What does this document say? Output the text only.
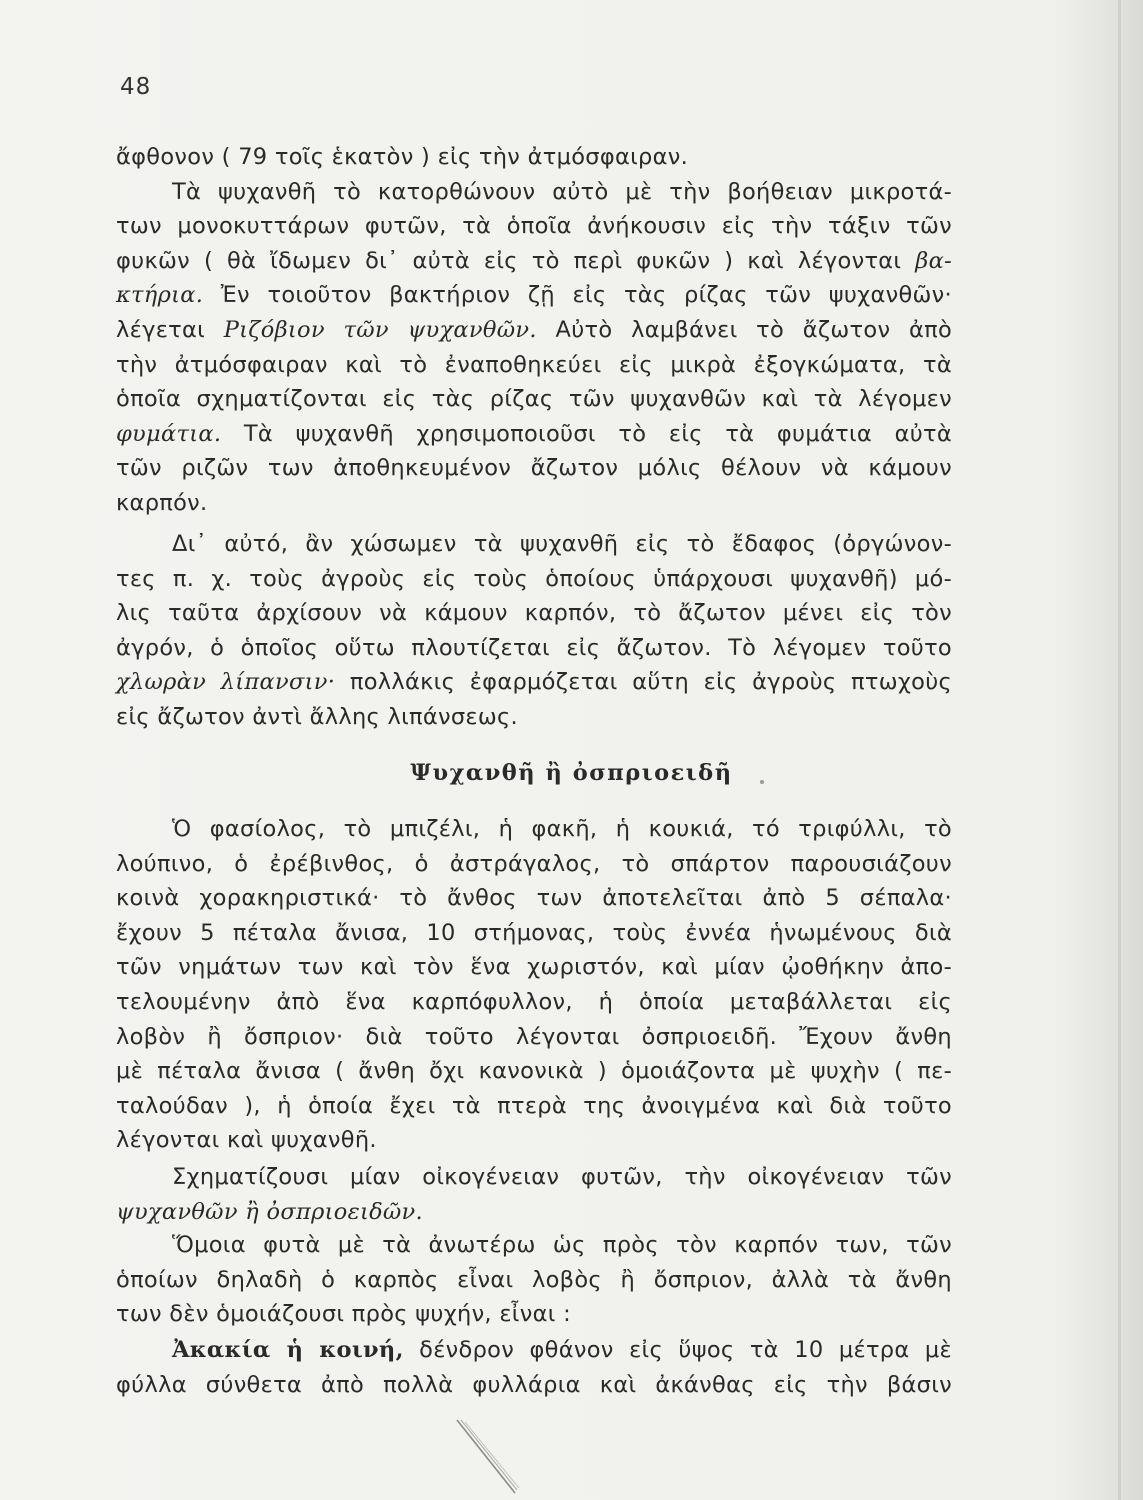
48
ἄφθονον ( 79 τοῖς ἑκατὸν ) εἰς τὴν ἀτμόσφαιραν.
Τὰ ψυχανθῆ τὸ κατορθώνουν αὐτὸ μὲ τὴν βοήθειαν μικροτά-
των μονοκυττάρων φυτῶν, τὰ ὁποῖα ἀνήκουσιν εἰς τὴν τάξιν τῶν
φυκῶν ( θὰ ἴδωμεν δι᾽ αὐτὰ εἰς τὸ περὶ φυκῶν ) καὶ λέγονται βα-
κτήρια. Ἐν τοιοῦτον βακτήριον ζῇ εἰς τὰς ρίζας τῶν ψυχανθῶν·
λέγεται Ριζόβιον τῶν ψυχανθῶν. Αὐτὸ λαμβάνει τὸ ἄζωτον ἀπὸ
τὴν ἀτμόσφαιραν καὶ τὸ ἐναποθηκεύει εἰς μικρὰ ἐξογκώματα, τὰ
ὁποῖα σχηματίζονται εἰς τὰς ρίζας τῶν ψυχανθῶν καὶ τὰ λέγομεν
φυμάτια. Τὰ ψυχανθῆ χρησιμοποιοῦσι τὸ εἰς τὰ φυμάτια αὐτὰ
τῶν ριζῶν των ἀποθηκευμένον ἄζωτον μόλις θέλουν νὰ κάμουν
καρπόν.
Δι᾽ αὐτό, ἂν χώσωμεν τὰ ψυχανθῆ εἰς τὸ ἔδαφος (ὀργώνον-
τες π. χ. τοὺς ἀγροὺς εἰς τοὺς ὁποίους ὑπάρχουσι ψυχανθῆ) μό-
λις ταῦτα ἀρχίσουν νὰ κάμουν καρπόν, τὸ ἄζωτον μένει εἰς τὸν
ἀγρόν, ὁ ὁποῖος οὕτω πλουτίζεται εἰς ἄζωτον. Τὸ λέγομεν τοῦτο
χλωρὰν λίπανσιν· πολλάκις ἐφαρμόζεται αὕτη εἰς ἀγροὺς πτωχοὺς
εἰς ἄζωτον ἀντὶ ἄλλης λιπάνσεως.
Ψυχανθῆ ἢ ὀσπριοειδῆ
Ὁ φασίολος, τὸ μπιζέλι, ἡ φακῆ, ἡ κουκιά, τό τριφύλλι, τὸ
λούπινο, ὁ ἐρέβινθος, ὁ ἀστράγαλος, τὸ σπάρτον παρουσιάζουν
κοινὰ χορακηριστικά· τὸ ἄνθος των ἀποτελεῖται ἀπὸ 5 σέπαλα·
ἔχουν 5 πέταλα ἄνισα, 10 στήμονας, τοὺς ἐννέα ἡνωμένους διὰ
τῶν νημάτων των καὶ τὸν ἕνα χωριστόν, καὶ μίαν ᾠοθήκην ἀπο-
τελουμένην ἀπὸ ἕνα καρπόφυλλον, ἡ ὁποία μεταβάλλεται εἰς
λοβὸν ἢ ὄσπριον· διὰ τοῦτο λέγονται ὀσπριοειδῆ. Ἔχουν ἄνθη
μὲ πέταλα ἄνισα ( ἄνθη ὄχι κανονικὰ ) ὁμοιάζοντα μὲ ψυχὴν ( πε-
ταλούδαν ), ἡ ὁποία ἔχει τὰ πτερὰ της ἀνοιγμένα καὶ διὰ τοῦτο
λέγονται καὶ ψυχανθῆ.
Σχηματίζουσι μίαν οἰκογένειαν φυτῶν, τὴν οἰκογένειαν τῶν
ψυχανθῶν ἢ ὀσπριοειδῶν.
Ὅμοια φυτὰ μὲ τὰ ἀνωτέρω ὡς πρὸς τὸν καρπόν των, τῶν
ὁποίων δηλαδὴ ὁ καρπὸς εἶναι λοβὸς ἢ ὄσπριον, ἀλλὰ τὰ ἄνθη
των δὲν ὁμοιάζουσι πρὸς ψυχήν, εἶναι :
Ἀκακία ἡ κοινή, δένδρον φθάνον εἰς ὕψος τὰ 10 μέτρα μὲ
φύλλα σύνθετα ἀπὸ πολλὰ φυλλάρια καὶ ἀκάνθας εἰς τὴν βάσιν
